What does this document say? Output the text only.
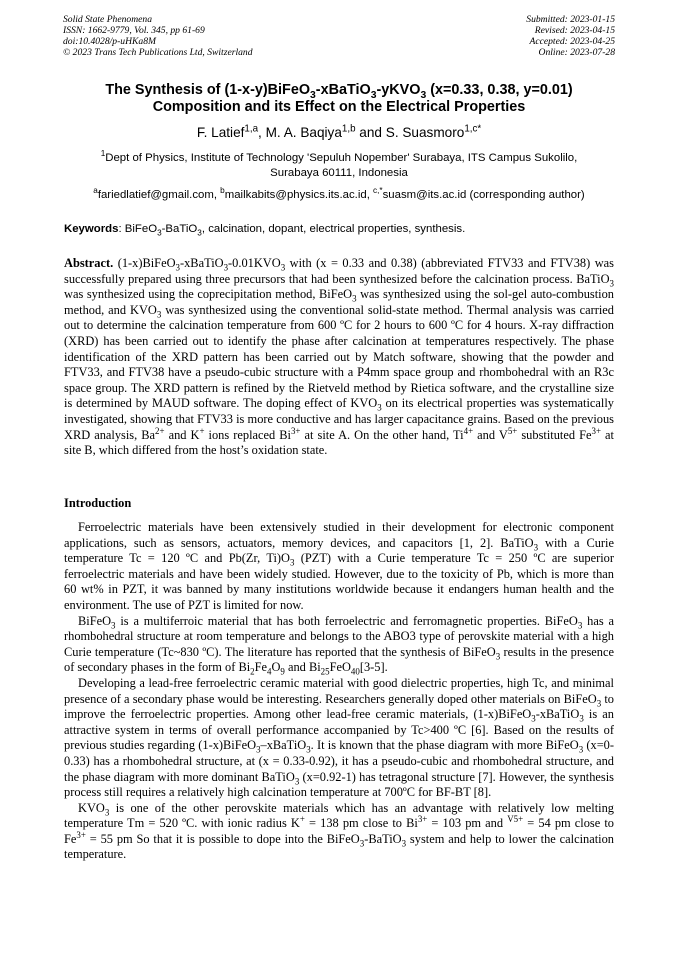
Solid State Phenomena
ISSN: 1662-9779, Vol. 345, pp 61-69
doi:10.4028/p-uHKa8M
© 2023 Trans Tech Publications Ltd, Switzerland
Submitted: 2023-01-15
Revised: 2023-04-15
Accepted: 2023-04-25
Online: 2023-07-28
The Synthesis of (1-x-y)BiFeO$_3$-xBaTiO$_3$-yKVO$_3$ (x=0.33, 0.38, y=0.01)
Composition and its Effect on the Electrical Properties
F. Latief$^{1,a}$, M. A. Baqiya$^{1,b}$ and S. Suasmoro$^{1,c*}$
$^1$Dept of Physics, Institute of Technology 'Sepuluh Nopember' Surabaya, ITS Campus Sukolilo,
Surabaya 60111, Indonesia
$^a$fariedlatief@gmail.com, $^b$mailkabits@physics.its.ac.id, $^{c,*}$suasm@its.ac.id (corresponding author)
Keywords: BiFeO$_3$-BaTiO$_3$, calcination, dopant, electrical properties, synthesis.
Abstract. $(1-x)BiFeO_3-xBaTiO_3-0.01KVO_3$ with (x = 0.33 and 0.38) (abbreviated FTV33 and FTV38) was successfully prepared using three precursors that had been synthesized before the calcination process. BaTiO$_3$ was synthesized using the coprecipitation method, BiFeO$_3$ was synthesized using the sol-gel auto-combustion method, and $KVO_3$ was synthesized using the conventional solid-state method. Thermal analysis was carried out to determine the calcination temperature from 600 ºC for 2 hours to 600 ºC for 4 hours. X-ray diffraction (XRD) has been carried out to identify the phase after calcination at temperatures respectively. The phase identification of the XRD pattern has been carried out by Match software, showing that the powder and FTV33, and FTV38 have a pseudo-cubic structure with a P4mm space group and rhombohedral with an R3c space group. The XRD pattern is refined by the Rietveld method by Rietica software, and the crystalline size is determined by MAUD software. The doping effect of $KVO_3$ on its electrical properties was systematically investigated, showing that FTV33 is more conductive and has larger capacitance grains. Based on the previous XRD analysis, $Ba^{2+}$ and K+ ions replaced $Bi^{3+}$ at site A. On the other hand, $Ti^{4+}$ and $V^{5+}$ substituted $Fe^{3+}$ at site B, which differed from the host’s oxidation state.
Introduction

Ferroelectric materials have been extensively studied in their development for electronic component applications, such as sensors, actuators, memory devices, and capacitors [1, 2]. BaTiO$_3$ with a Curie temperature Tc = 120 ºC and Pb(Zr, $Ti)O_3$ (PZT) with a Curie temperature Tc = 250 ºC are superior ferroelectric materials and have been widely studied. However, due to the toxicity of Pb, which is more than 60 wt% in PZT, it was banned by many institutions worldwide because it endangers human health and the environment. The use of PZT is limited for now.

BiFeO$_3$ is a multiferroic material that has both ferroelectric and ferromagnetic properties. BiFeO$_3$ has a rhombohedral structure at room temperature and belongs to the ABO3 type of perovskite material with a high Curie temperature (Tc~830 ºC). The literature has reported that the synthesis of BiFeO$_3$ results in the presence of secondary phases in the form of $Bi_2Fe_4O_9$ and $Bi_{25}FeO_{40}[3-5]$.

Developing a lead-free ferroelectric ceramic material with good dielectric properties, high Tc, and minimal presence of a secondary phase would be interesting. Researchers generally doped other materials on BiFeO$_3$ to improve the ferroelectric properties. Among other lead-free ceramic materials, (1-x)BiFeO$_3$-xBaTiO$_3$ is an attractive system in terms of overall performance accompanied by Tc>400 ºC [6]. Based on the results of previous studies regarding (1-x)BiFeO$_3$–xBaTiO$_3$. It is known that the phase diagram with more BiFeO$_3$ (x=0-0.33) has a rhombohedral structure, at (x = 0.33-0.92), it has a pseudo-cubic and rhombohedral structure, and the phase diagram with more dominant BaTiO$_3$ (x=0.92-1) has tetragonal structure [7]. However, the synthesis process still requires a relatively high calcination temperature at 700ºC for BF-BT [8].

$KVO_3$ is one of the other perovskite materials which has an advantage with relatively low melting temperature Tm = 520 ºC. with ionic radius K+ = 138 pm close to $Bi^{3+} = 103$ pm and $^{V5+}$ = 54 pm close to $Fe^{3+} = 55$ pm So that it is possible to dope into the BiFeO$_3$-BaTiO$_3$ system and help to lower the calcination temperature.
